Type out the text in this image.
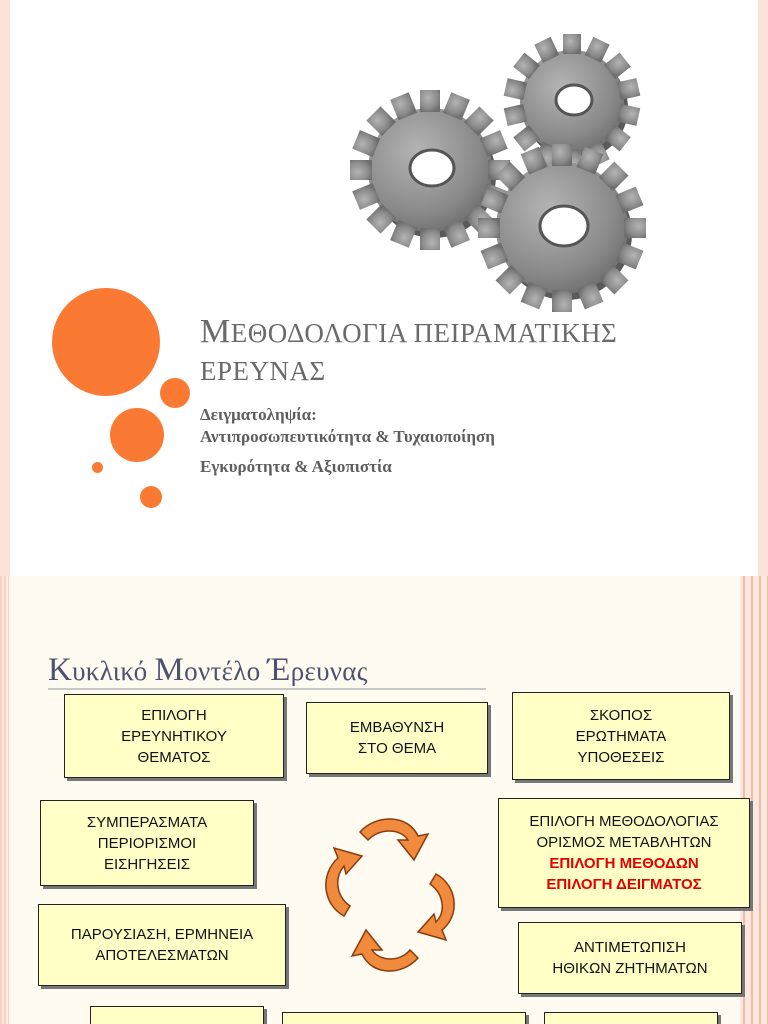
ΜΕΘΟΔΟΛΟΓΙΑ ΠΕΙΡΑΜΑΤΙΚΗΣ
ΕΡΕΥΝΑΣ
Δειγματοληψία:
Αντιπροσωπευτικότητα & Τυχαιοποίηση
Εγκυρότητα & Αξιοπιστία
Κυκλικό Μοντέλο Έρευνας
ΕΠΙΛΟΓΗ
ΕΡΕΥΝΗΤΙΚΟΥ
ΘΕΜΑΤΟΣ
ΕΜΒΑΘΥΝΣΗ
ΣΤΟ ΘΕΜΑ
ΣΚΟΠΟΣ
ΕΡΩΤΗΜΑΤΑ
ΥΠΟΘΕΣΕΙΣ
ΣΥΜΠΕΡΑΣΜΑΤΑ
ΠΕΡΙΟΡΙΣΜΟΙ
ΕΙΣΗΓΗΣΕΙΣ
ΕΠΙΛΟΓΗ ΜΕΘΟΔΟΛΟΓΙΑΣ
ΟΡΙΣΜΟΣ ΜΕΤΑΒΛΗΤΩΝ
ΕΠΙΛΟΓΗ ΜΕΘΟΔΩΝ
ΕΠΙΛΟΓΗ ΔΕΙΓΜΑΤΟΣ
ΠΑΡΟΥΣΙΑΣΗ, ΕΡΜΗΝΕΙΑ
ΑΠΟΤΕΛΕΣΜΑΤΩΝ	ΑΝΤΙΜΕΤΩΠΙΣΗ
ΗΘΙΚΩΝ ΖΗΤΗΜΑΤΩΝ
